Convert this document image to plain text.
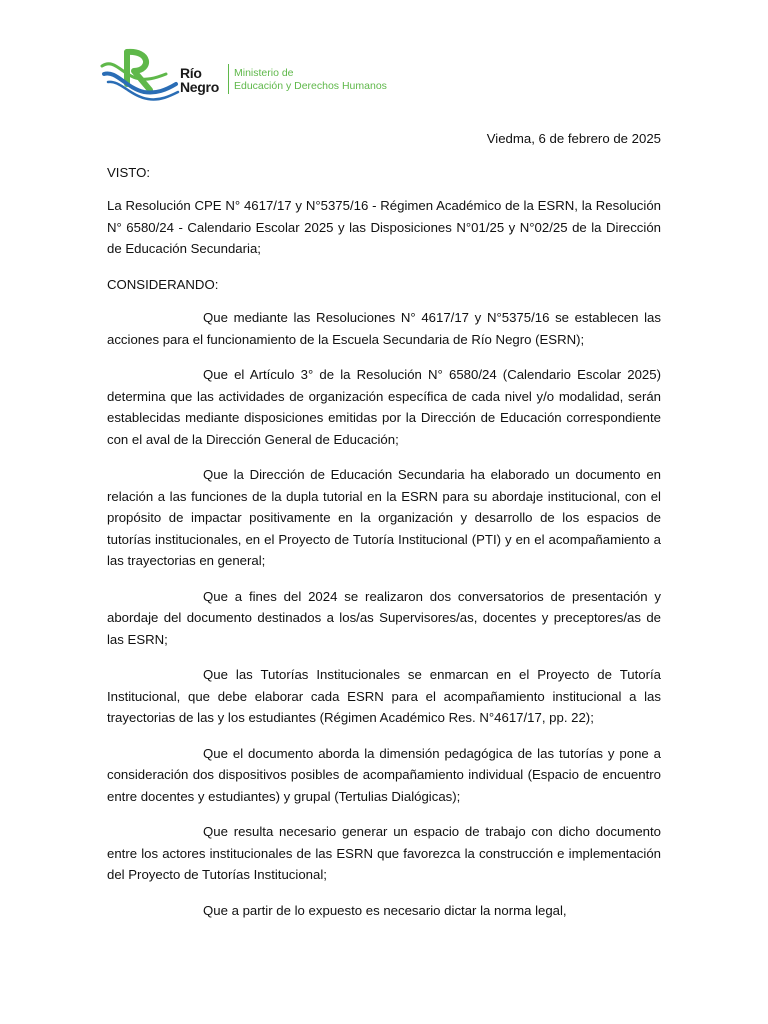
Río
Negro
Ministerio de
Educación y Derechos Humanos
Viedma, 6 de febrero de 2025
VISTO:

La Resolución CPE N° 4617/17 y N°5375/16 - Régimen Académico de la ESRN, la Resolución N° 6580/24 - Calendario Escolar 2025 y las Disposiciones N°01/25 y N°02/25 de la Dirección de Educación Secundaria;

CONSIDERANDO:

Que mediante las Resoluciones N° 4617/17 y N°5375/16 se establecen las acciones para el funcionamiento de la Escuela Secundaria de Río Negro (ESRN);

Que el Artículo 3° de la Resolución N° 6580/24 (Calendario Escolar 2025) determina que las actividades de organización específica de cada nivel y/o modalidad, serán establecidas mediante disposiciones emitidas por la Dirección de Educación correspondiente con el aval de la Dirección General de Educación;

Que la Dirección de Educación Secundaria ha elaborado un documento en relación a las funciones de la dupla tutorial en la ESRN para su abordaje institucional, con el propósito de impactar positivamente en la organización y desarrollo de los espacios de tutorías institucionales, en el Proyecto de Tutoría Institucional (PTI) y en el acompañamiento a las trayectorias en general;

Que a fines del 2024 se realizaron dos conversatorios de presentación y abordaje del documento destinados a los/as Supervisores/as, docentes y preceptores/as de las ESRN;

Que las Tutorías Institucionales se enmarcan en el Proyecto de Tutoría Institucional, que debe elaborar cada ESRN para el acompañamiento institucional a las trayectorias de las y los estudiantes (Régimen Académico Res. N°4617/17, pp. 22);

Que el documento aborda la dimensión pedagógica de las tutorías y pone a consideración dos dispositivos posibles de acompañamiento individual (Espacio de encuentro entre docentes y estudiantes) y grupal (Tertulias Dialógicas);

Que resulta necesario generar un espacio de trabajo con dicho documento entre los actores institucionales de las ESRN que favorezca la construcción e implementación del Proyecto de Tutorías Institucional;

Que a partir de lo expuesto es necesario dictar la norma legal,
